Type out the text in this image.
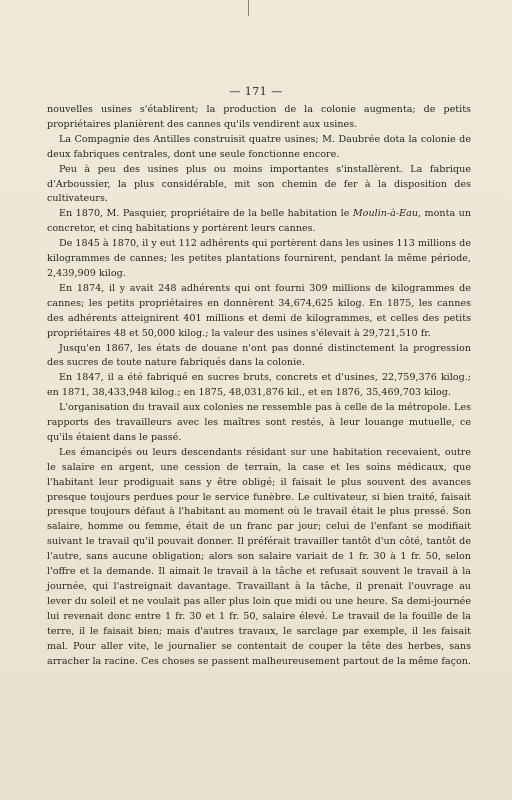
— 171 —

nouvelles usines s'établirent; la production de la colonie augmenta; de petits propriétaires planièrent des cannes qu'ils vendirent aux usines.

La Compagnie des Antilles construisit quatre usines; M. Daubrée dota la colonie de deux fabriques centrales, dont une seule fonctionne encore.

Peu à peu des usines plus ou moins importantes s'installèrent. La fabrique d'Arboussier, la plus considérable, mit son chemin de fer à la disposition des cultivateurs.

En 1870, M. Pasquier, propriétaire de la belle habitation le Moulin-à-Eau, monta un concretor, et cinq habitations y portèrent leurs cannes.

De 1845 à 1870, il y eut 112 adhérents qui portèrent dans les usines 113 millions de kilogrammes de cannes; les petites plantations fournirent, pendant la même période, 2,439,909 kilog.

En 1874, il y avait 248 adhérents qui ont fourni 309 millions de kilogrammes de cannes; les petits propriétaires en donnèrent 34,674,625 kilog. En 1875, les cannes des adhérents atteignirent 401 millions et demi de kilogrammes, et celles des petits propriétaires 48 et 50,000 kilog.; la valeur des usines s'élevait à 29,721,510 fr.

Jusqu'en 1867, les états de douane n'ont pas donné distinctement la progression des sucres de toute nature fabriqués dans la colonie.

En 1847, il a été fabriqué en sucres bruts, concrets et d'usines, 22,759,376 kilog.; en 1871, 38,433,948 kilog.; en 1875, 48,031,876 kil., et en 1876, 35,469,703 kilog.

L'organisation du travail aux colonies ne ressemble pas à celle de la métropole. Les rapports des travailleurs avec les maîtres sont restés, à leur louange mutuelle, ce qu'ils étaient dans le passé.

Les émancipés ou leurs descendants résidant sur une habitation recevaient, outre le salaire en argent, une cession de terrain, la case et les soins médicaux, que l'habitant leur prodiguait sans y être obligé; il faisait le plus souvent des avances presque toujours perdues pour le service funèbre. Le cultivateur, si bien traité, faisait presque toujours défaut à l'habitant au moment où le travail était le plus pressé. Son salaire, homme ou femme, était de un franc par jour; celui de l'enfant se modifiait suivant le travail qu'il pouvait donner. Il préférait travailler tantôt d'un côté, tantôt de l'autre, sans aucune obligation; alors son salaire variait de 1 fr. 30 à 1 fr. 50, selon l'offre et la demande. Il aimait le travail à la tâche et refusait souvent le travail à la journée, qui l'astreignait davantage. Travaillant à la tâche, il prenait l'ouvrage au lever du soleil et ne voulait pas aller plus loin que midi ou une heure. Sa demi-journée lui revenait donc entre 1 fr. 30 et 1 fr. 50, salaire élevé. Le travail de la fouille de la terre, il le faisait bien; mais d'autres travaux, le sarclage par exemple, il les faisait mal. Pour aller vite, le journalier se contentait de couper la tête des herbes, sans arracher la racine. Ces choses se passent malheureusement partout de la même façon.
